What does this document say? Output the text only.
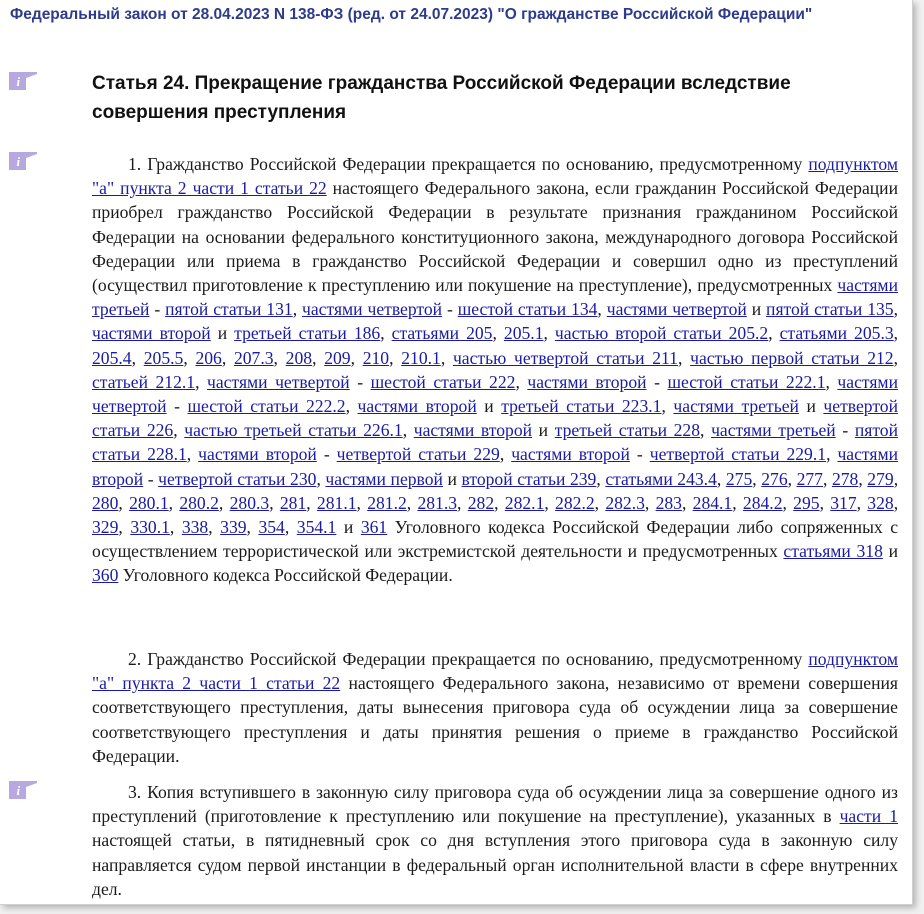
Федеральный закон от 28.04.2023 N 138-ФЗ (ред. от 24.07.2023) "О гражданстве Российской Федерации"
i	Статья 24. Прекращение гражданства Российской Федерации вследствие совершения преступления
i	1. Гражданство Российской Федерации прекращается по основанию, предусмотренному подпунктом "а" пункта 2 части 1 статьи 22 настоящего Федерального закона, если гражданин Российской Федерации приобрел гражданство Российской Федерации в результате признания гражданином Российской Федерации на основании федерального конституционного закона, международного договора Российской Федерации или приема в гражданство Российской Федерации и совершил одно из преступлений (осуществил приготовление к преступлению или покушение на преступление), предусмотренных частями третьей - пятой статьи 131, частями четвертой - шестой статьи 134, частями четвертой и пятой статьи 135, частями второй и третьей статьи 186, статьями 205, 205.1, частью второй статьи 205.2, статьями 205.3, 205.4, 205.5, 206, 207.3, 208, 209, 210, 210.1, частью четвертой статьи 211, частью первой статьи 212, статьей 212.1, частями четвертой - шестой статьи 222, частями второй - шестой статьи 222.1, частями четвертой - шестой статьи 222.2, частями второй и третьей статьи 223.1, частями третьей и четвертой статьи 226, частью третьей статьи 226.1, частями второй и третьей статьи 228, частями третьей - пятой статьи 228.1, частями второй - четвертой статьи 229, частями второй - четвертой статьи 229.1, частями второй - четвертой статьи 230, частями первой и второй статьи 239, статьями 243.4, 275, 276, 277, 278, 279, 280, 280.1, 280.2, 280.3, 281, 281.1, 281.2, 281.3, 282, 282.1, 282.2, 282.3, 283, 284.1, 284.2, 295, 317, 328, 329, 330.1, 338, 339, 354, 354.1 и 361 Уголовного кодекса Российской Федерации либо сопряженных с осуществлением террористической или экстремистской деятельности и предусмотренных статьями 318 и 360 Уголовного кодекса Российской Федерации.
2. Гражданство Российской Федерации прекращается по основанию, предусмотренному подпунктом "а" пункта 2 части 1 статьи 22 настоящего Федерального закона, независимо от времени совершения соответствующего преступления, даты вынесения приговора суда об осуждении лица за совершение соответствующего преступления и даты принятия решения о приеме в гражданство Российской Федерации.
i	3. Копия вступившего в законную силу приговора суда об осуждении лица за совершение одного из преступлений (приготовление к преступлению или покушение на преступление), указанных в части 1 настоящей статьи, в пятидневный срок со дня вступления этого приговора суда в законную силу направляется судом первой инстанции в федеральный орган исполнительной власти в сфере внутренних дел.
